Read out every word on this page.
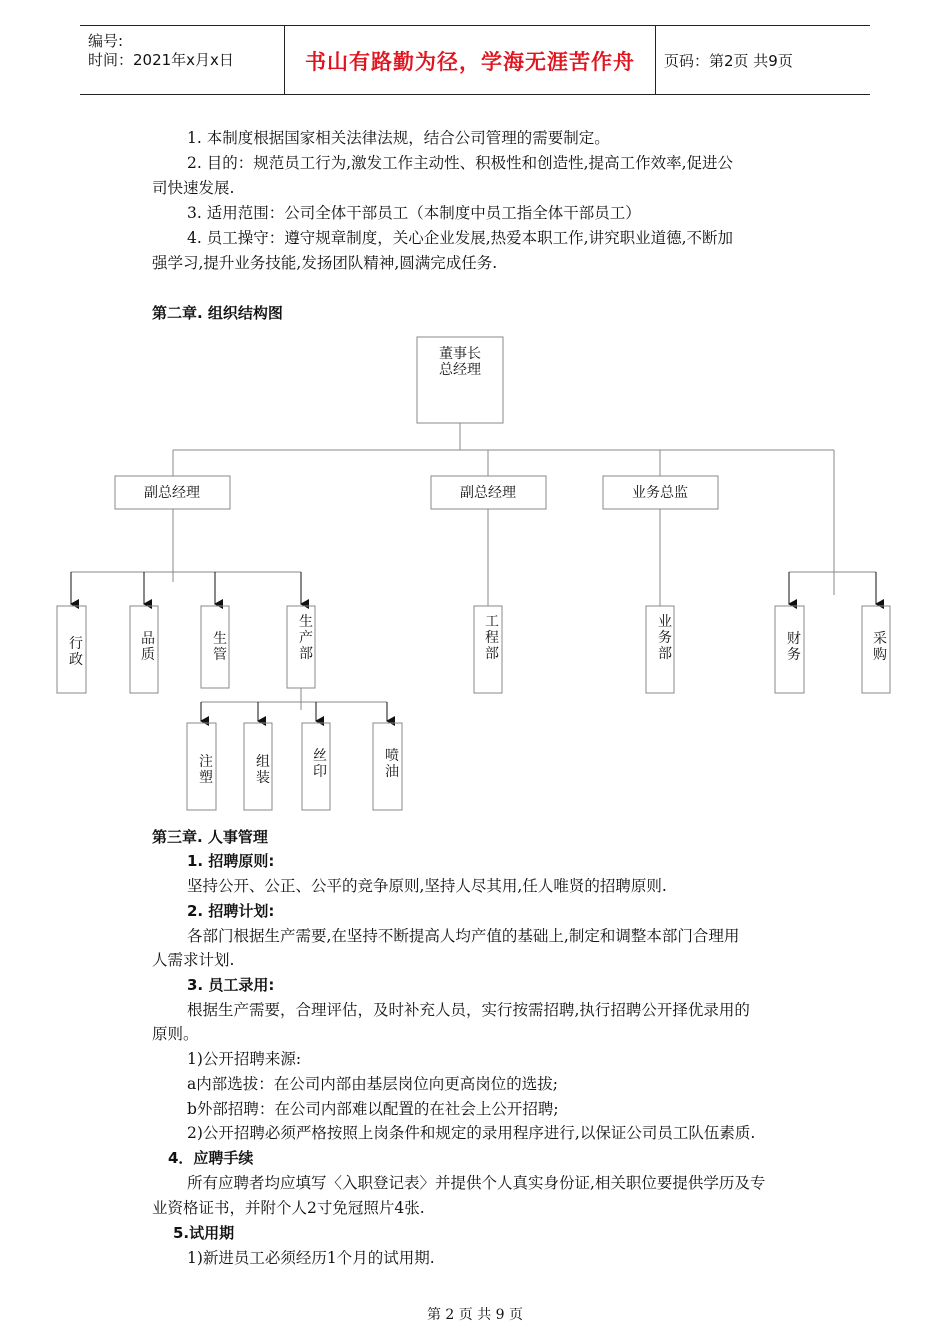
编号:
时间：2021年x月x日	书山有路勤为径，学海无涯苦作舟	页码：第2页 共9页
1. 本制度根据国家相关法律法规，结合公司管理的需要制定。
2. 目的：规范员工行为,激发工作主动性、积极性和创造性,提高工作效率,促进公
司快速发展.
3. 适用范围：公司全体干部员工（本制度中员工指全体干部员工）
4. 员工操守：遵守规章制度，关心企业发展,热爱本职工作,讲究职业道德,不断加
强学习,提升业务技能,发扬团队精神,圆满完成任务.
第二章. 组织结构图
董事长
总经理
副总经理	副总经理	业务总监
行政
品质
生管
生产部
工程部
业务部
财务
采购
注塑
组装
丝印
喷油
第三章. 人事管理
1. 招聘原则:
坚持公开、公正、公平的竞争原则,坚持人尽其用,任人唯贤的招聘原则.
2. 招聘计划:
各部门根据生产需要,在坚持不断提高人均产值的基础上,制定和调整本部门合理用
人需求计划.
3. 员工录用:
根据生产需要，合理评估，及时补充人员，实行按需招聘,执行招聘公开择优录用的
原则。
1)公开招聘来源:
a内部选拔：在公司内部由基层岗位向更高岗位的选拔;
b外部招聘：在公司内部难以配置的在社会上公开招聘;
2)公开招聘必须严格按照上岗条件和规定的录用程序进行,以保证公司员工队伍素质.
4．应聘手续
所有应聘者均应填写〈入职登记表〉并提供个人真实身份证,相关职位要提供学历及专
业资格证书，并附个人2寸免冠照片4张.
5.试用期
1)新进员工必须经历1个月的试用期.
第 2 页 共 9 页
